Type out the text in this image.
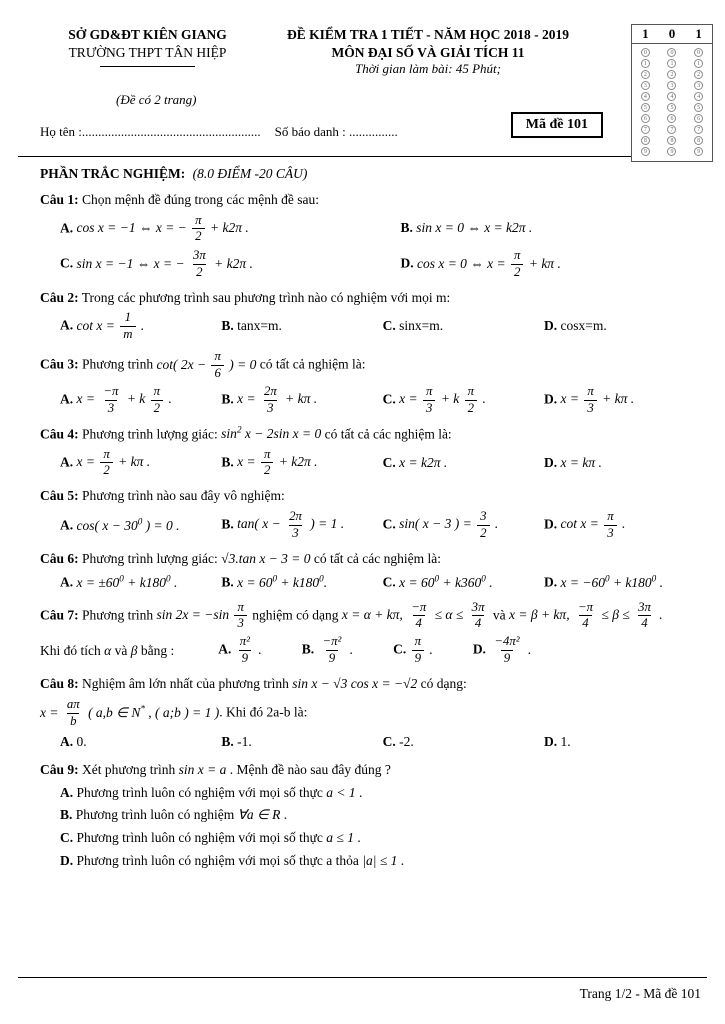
SỞ GD&ĐT KIÊN GIANG
TRƯỜNG THPT TÂN HIỆP
ĐỀ KIỂM TRA 1 TIẾT - NĂM HỌC 2018 - 2019
MÔN ĐẠI SỐ VÀ GIẢI TÍCH 11
Thời gian làm bài: 45 Phút;
1 0 1
0	0	0
1	1	1
2	2	2
3	3	3
4	4	4
5	5	5
6	6	6
7	7	7
8	8	8
9	9	9
(Đề có 2 trang)
Họ tên :....................................................... Số báo danh : ...............	Mã đề 101
PHẦN TRẮC NGHIỆM: (8.0 ĐIỂM -20 CÂU)

Câu 1: Chọn mệnh đề đúng trong các mệnh đề sau:

A. cos x = −1 ⇔ x = − $\frac{\pi}{2} + k2\pi$ .	B. sin x = 0 ⇔ x = k2π .
C. sin x = −1 ⇔ x = − $\frac{3\pi}{2} + k2\pi$ .	D. cos x = 0 ⇔ $x = \frac{\pi}{2} + k\pi$ .

Câu 2: Trong các phương trình sau phương trình nào có nghiệm với mọi m:

A. $\cot x = \frac{1}{m}$ .	B. tanx=m.	C. sinx=m.	D. cosx=m.

Câu 3: Phương trình cot( $2x - \frac{\pi}{6}$ ) = 0 có tất cả nghiệm là:

A. $x = \frac{-\pi}{3} + k \frac{\pi}{2}$ .	B. $x = \frac{2\pi}{3} + k\pi$ .	C. $x = \frac{\pi}{3} + k \frac{\pi}{2}$ .	D. $x = \frac{\pi}{3} + k\pi$ .

Câu 4: Phương trình lượng giác: $\sin^2 x - 2\sin$ x = 0 có tất cả các nghiệm là:

A. $x = \frac{\pi}{2} + k\pi$ .	B. $x = \frac{\pi}{2} + k2\pi$ .	C. x = k2π .	D. x = kπ .

Câu 5: Phương trình nào sau đây vô nghiệm:

A. cos( $x - 30^0$ ) = 0 .	B. tan( $x - \frac{2\pi}{3}$ ) = 1 .	C. sin( x − 3 ) = $\frac{3}{2}$ .	D. $\cot x = \frac{\pi}{3}$ .

Câu 6: Phương trình lượng giác: √3.tan x − 3 = 0 có tất cả các nghiệm là:

A. $x = \pm 60^0 + k180^0$ .	B. $x = 60^0 + k180^0$.	C. $x = 60^0 + k360^0$ .	D. $x = -60^0 + k180^0$ .

Câu 7: Phương trình $\sin 2x = -\sin \frac{\pi}{3}$ nghiệm có dạng x = α + kπ, $\frac{-\pi}{4} \le \alpha \le \frac{3\pi}{4}$ và x = β + kπ, $\frac{-\pi}{4} \le \beta \le \frac{3\pi}{4}$ .

Khi đó tích α và β bằng :	A. $\frac{\text{π²}}{9}$ .	B. $\frac{\text{−π²}}{9}$ .	C. $\frac{\pi}{9}$ .	D. $\frac{\text{−4π²}}{9}$ .

Câu 8: Nghiệm âm lớn nhất của phương trình sin x − √3 cos x = −√2 có dạng:

$x = \frac{a\pi}{b}$ ( a,b ∈ N* , ( a;b ) = 1 ). Khi đó 2a-b là:

A. 0.	B. -1.	C. -2.	D. 1.

Câu 9: Xét phương trình sin x = a . Mệnh đề nào sau đây đúng ?

A. Phương trình luôn có nghiệm với mọi số thực a < 1 .
B. Phương trình luôn có nghiệm ∀a ∈ R .
C. Phương trình luôn có nghiệm với mọi số thực a ≤ 1 .
D. Phương trình luôn có nghiệm với mọi số thực a thỏa |a| ≤ 1 .
Trang 1/2 - Mã đề 101
